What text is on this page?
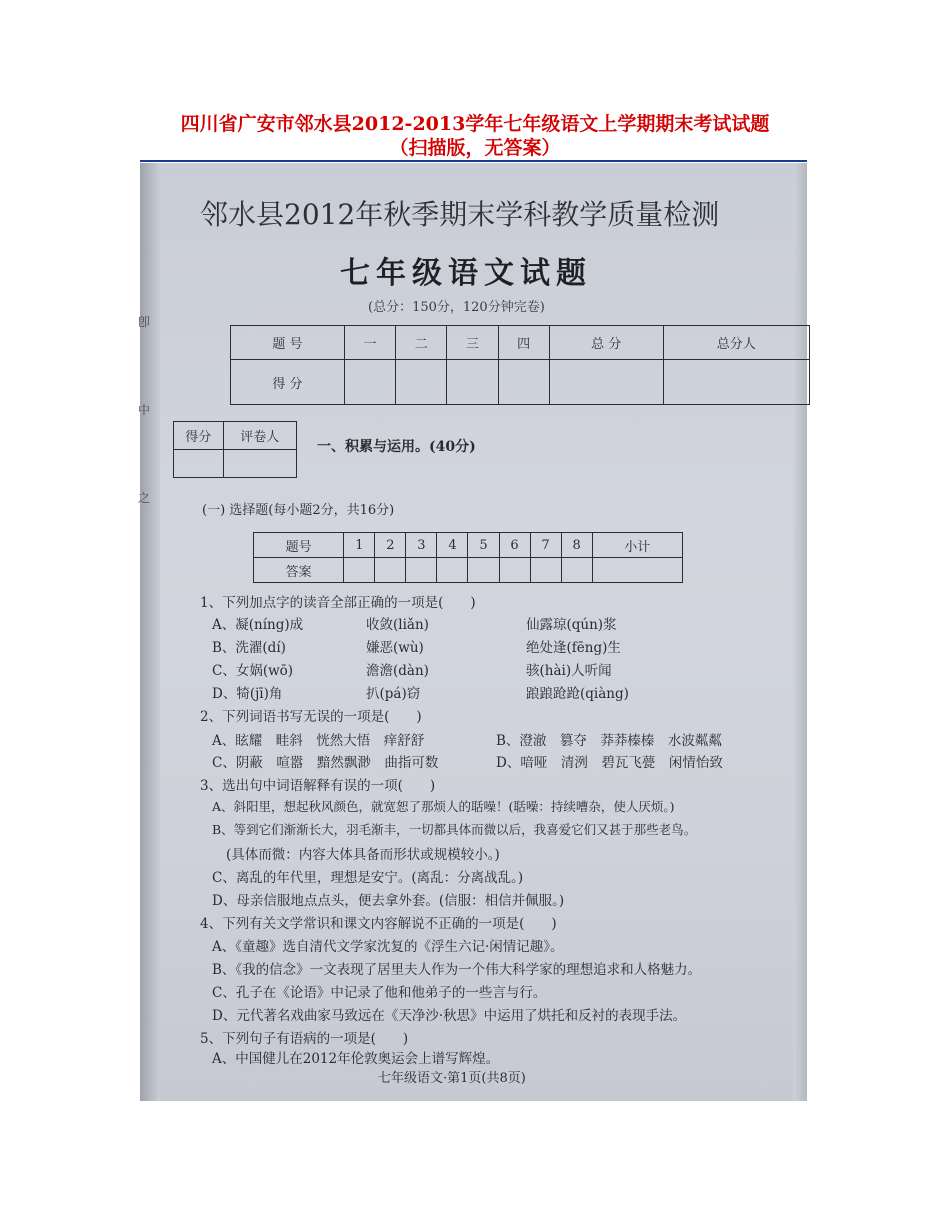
四川省广安市邻水县2012-2013学年七年级语文上学期期末考试试题
（扫描版，无答案）
卽
中
之
邻水县2012年秋季期末学科教学质量检测
七年级语文试题
(总分：150分，120分钟完卷)
题 号	一	二	三	四	总 分	总分人
得 分						
得分	评卷人

一、积累与运用。(40分)
(一) 选择题(每小题2分，共16分)
题号	1	2	3	4	5	6	7	8	小计
答案									
1、下列加点字的读音全部正确的一项是(　　)
A、凝(níng)成	收敛(liǎn)	仙露琼(qún)浆
B、洗濯(dí)	嫌恶(wù)	绝处逢(fēng)生
C、女娲(wō)	澹澹(dàn)	骇(hài)人听闻
D、犄(jī)角	扒(pá)窃	踉踉跄跄(qiàng)
2、下列词语书写无误的一项是(　　)
A、眩耀　畦斜　恍然大悟　痒舒舒	B、澄澈　篡夺　莽莽榛榛　水波粼粼
C、阴蔽　喧嚣　黯然飘渺　曲指可数	D、喑哑　清洌　碧瓦飞甍　闲情怡致
3、选出句中词语解释有误的一项(　　)
A、斜阳里，想起秋风颜色，就宽恕了那烦人的聒噪！(聒噪：持续嘈杂，使人厌烦。)
B、等到它们渐渐长大，羽毛渐丰，一切都具体而微以后，我喜爱它们又甚于那些老鸟。
(具体而微：内容大体具备而形状或规模较小。)
C、离乱的年代里，理想是安宁。(离乱：分离战乱。)
D、母亲信服地点点头，便去拿外套。(信服：相信并佩服。)
4、下列有关文学常识和课文内容解说不正确的一项是(　　)
A、《童趣》选自清代文学家沈复的《浮生六记·闲情记趣》。
B、《我的信念》一文表现了居里夫人作为一个伟大科学家的理想追求和人格魅力。
C、孔子在《论语》中记录了他和他弟子的一些言与行。
D、元代著名戏曲家马致远在《天净沙·秋思》中运用了烘托和反衬的表现手法。
5、下列句子有语病的一项是(　　)
A、中国健儿在2012年伦敦奥运会上谱写辉煌。
七年级语文·第1页(共8页)
